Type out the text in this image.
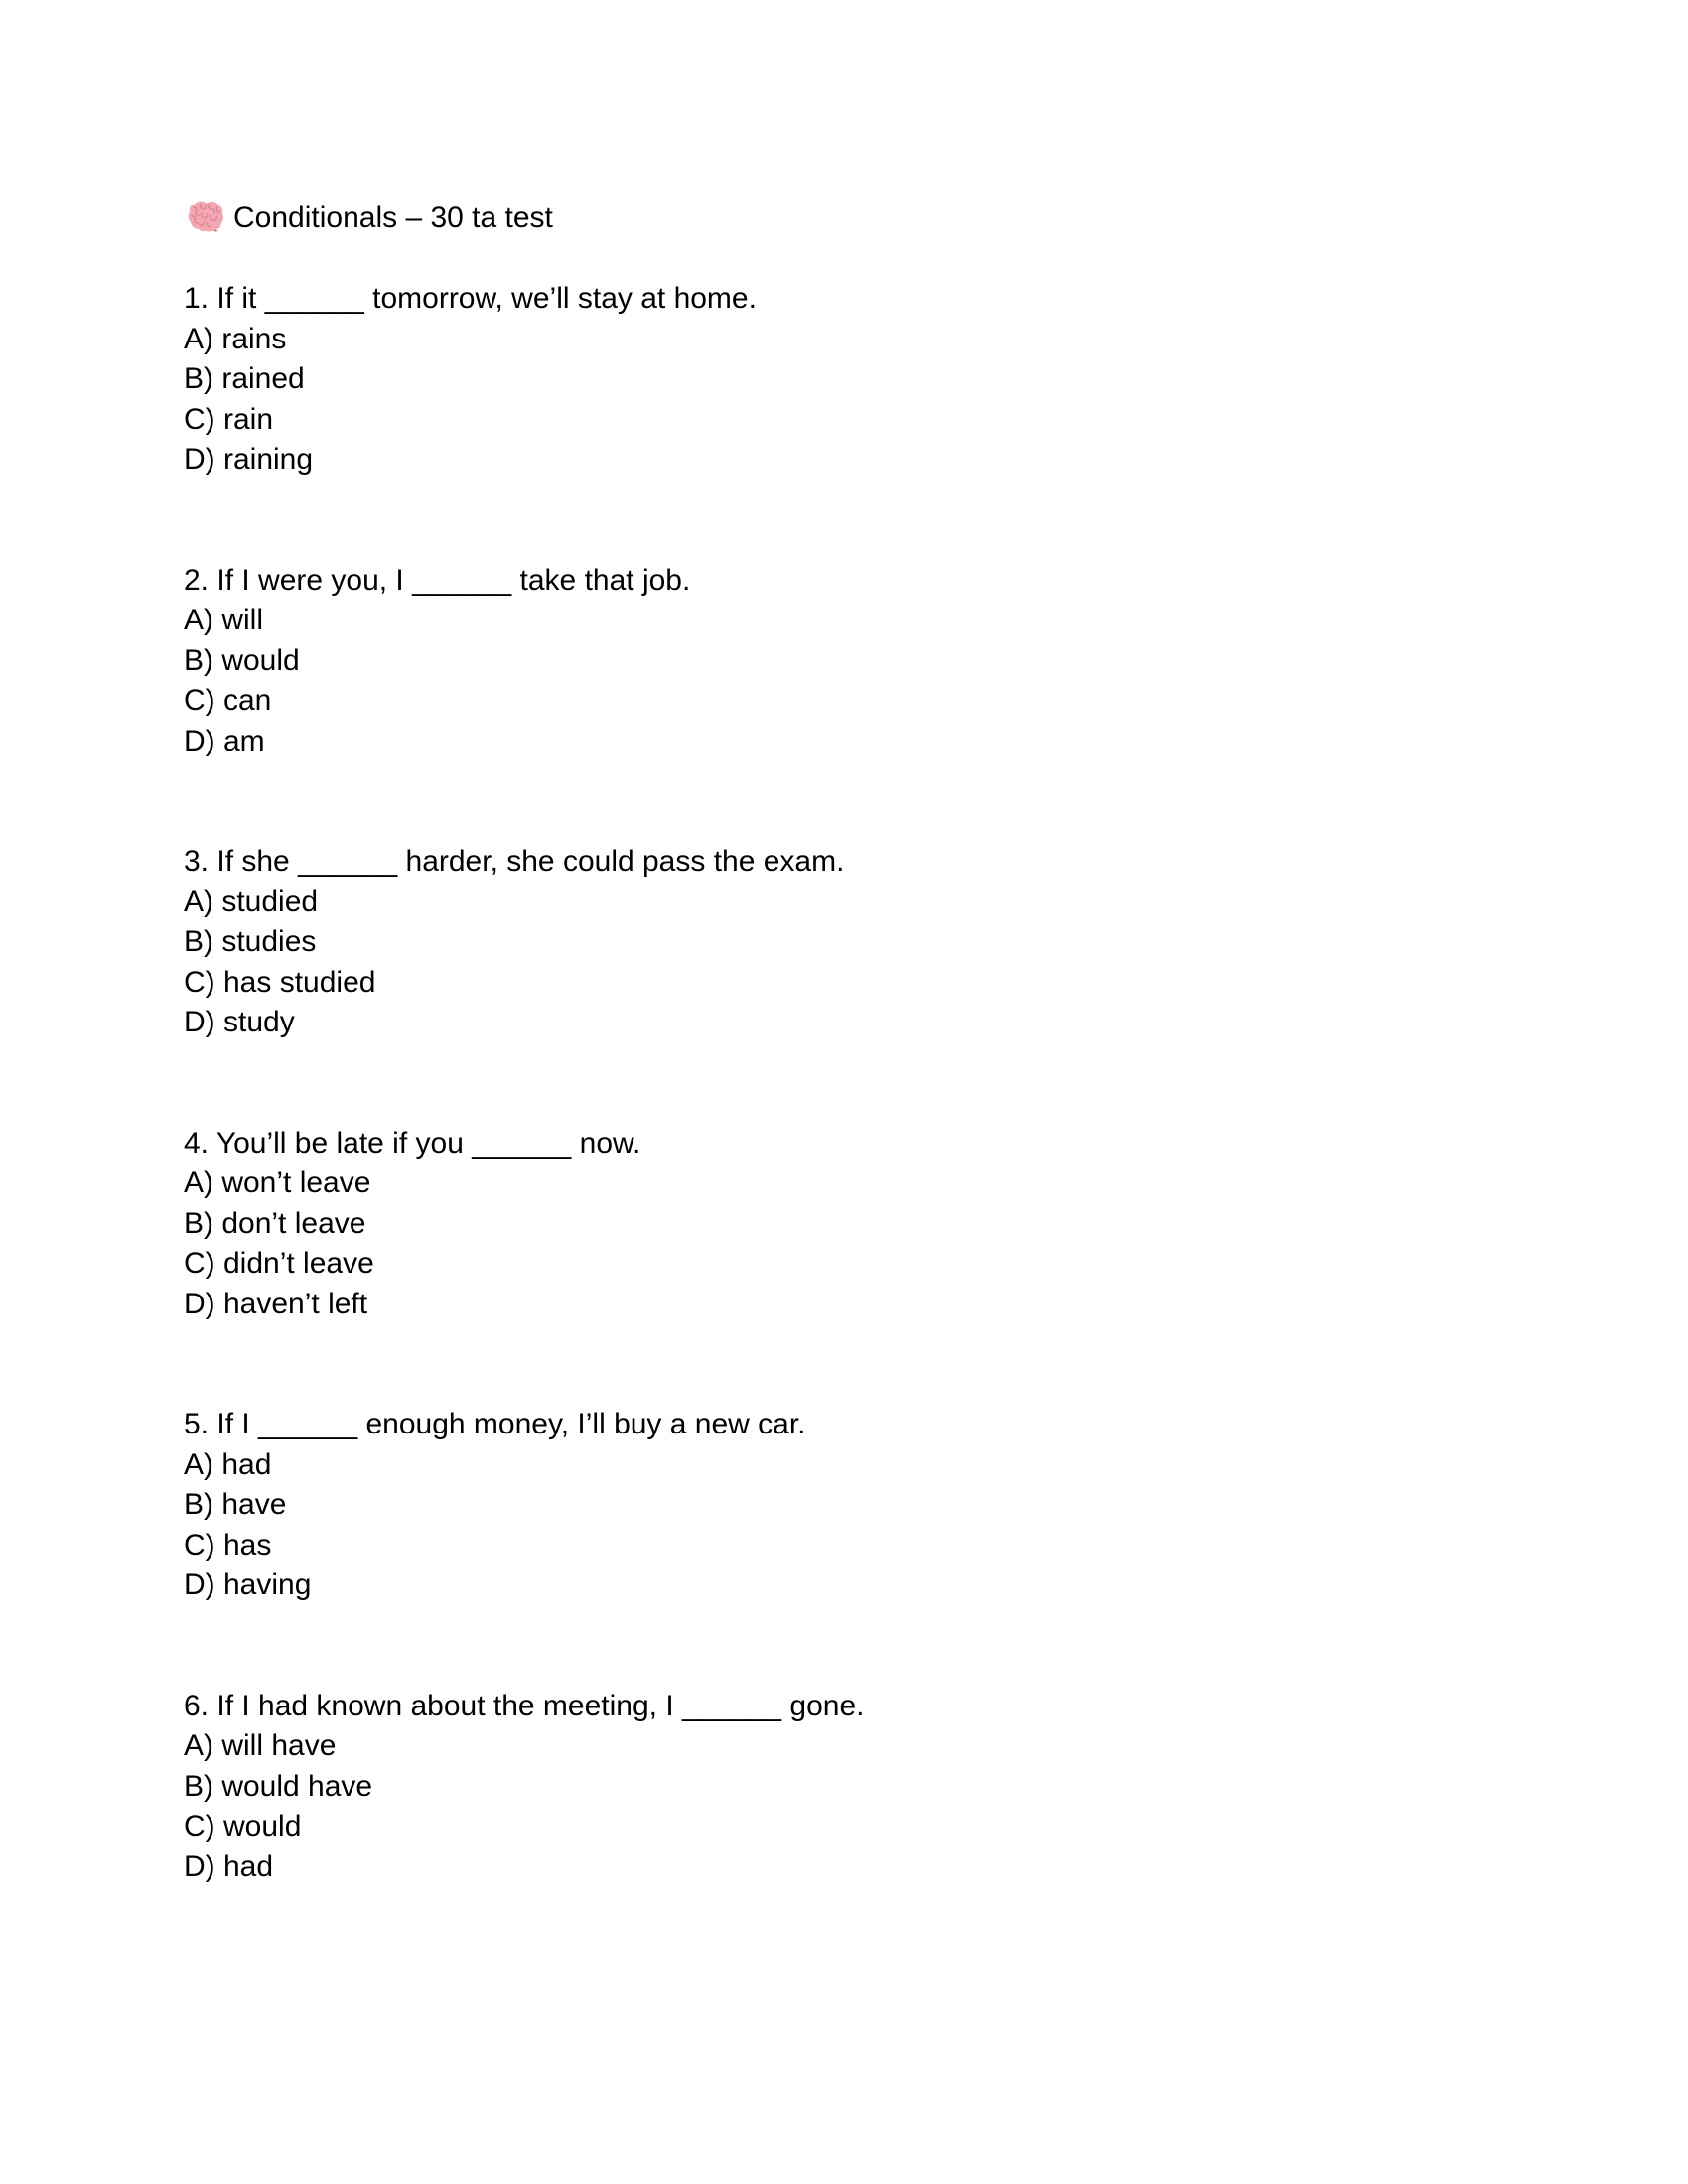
Conditionals – 30 ta test
1. If it ______ tomorrow, we’ll stay at home.
A) rains
B) rained
C) rain
D) raining
2. If I were you, I ______ take that job.
A) will
B) would
C) can
D) am
3. If she ______ harder, she could pass the exam.
A) studied
B) studies
C) has studied
D) study
4. You’ll be late if you ______ now.
A) won’t leave
B) don’t leave
C) didn’t leave
D) haven’t left
5. If I ______ enough money, I’ll buy a new car.
A) had
B) have
C) has
D) having
6. If I had known about the meeting, I ______ gone.
A) will have
B) would have
C) would
D) had
